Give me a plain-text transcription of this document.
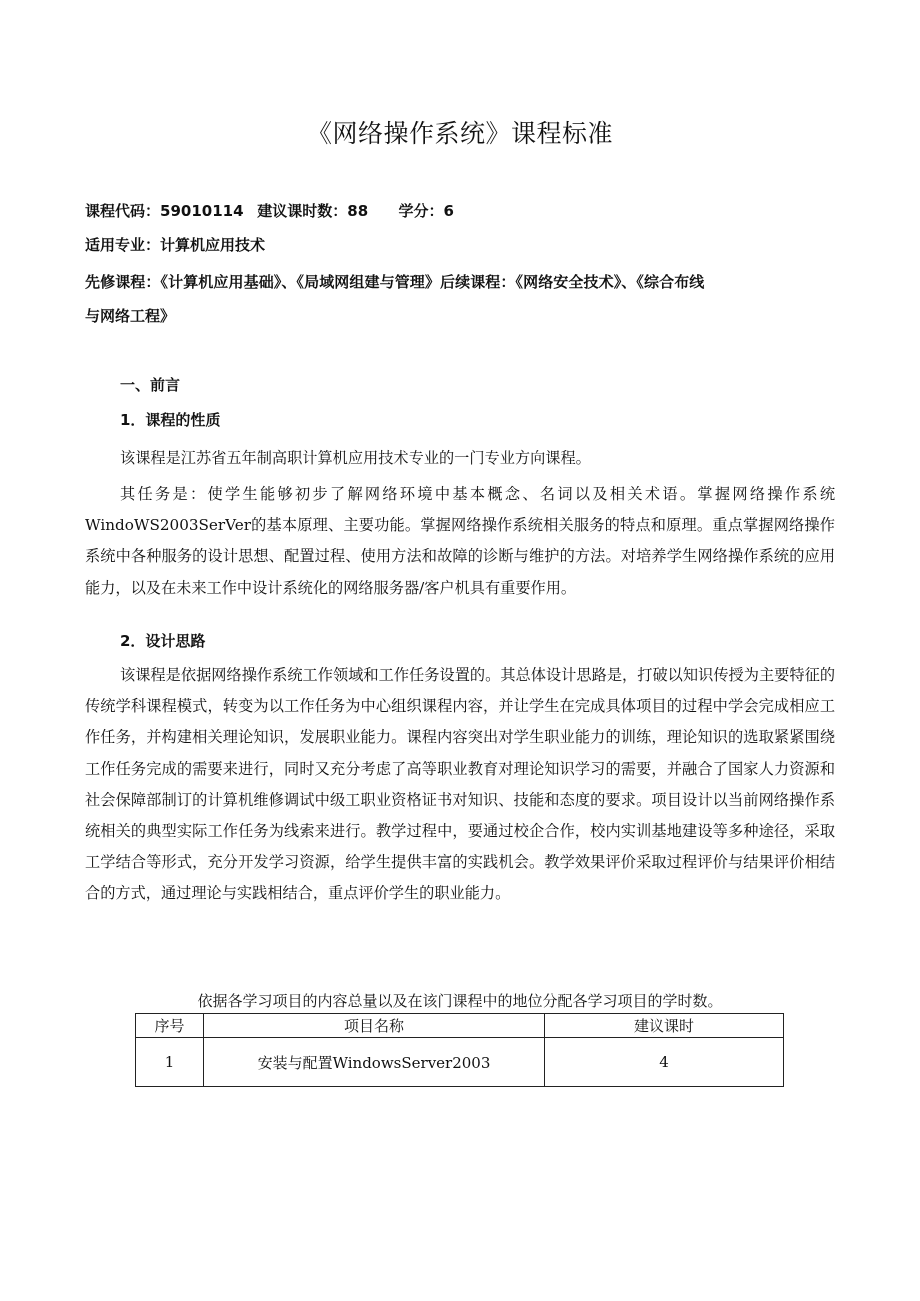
《网络操作系统》课程标准
课程代码：59010114 建议课时数：88 学分：6
适用专业：计算机应用技术
先修课程：《计算机应用基础》、《局域网组建与管理》后续课程：《网络安全技术》、《综合布线
与网络工程》
一、前言
1．课程的性质

该课程是江苏省五年制高职计算机应用技术专业的一门专业方向课程。

其任务是：使学生能够初步了解网络环境中基本概念、名词以及相关术语。掌握网络操作系统WindoWS2003SerVer的基本原理、主要功能。掌握网络操作系统相关服务的特点和原理。重点掌握网络操作系统中各种服务的设计思想、配置过程、使用方法和故障的诊断与维护的方法。对培养学生网络操作系统的应用能力，以及在未来工作中设计系统化的网络服务器/客户机具有重要作用。

2．设计思路

该课程是依据网络操作系统工作领域和工作任务设置的。其总体设计思路是，打破以知识传授为主要特征的传统学科课程模式，转变为以工作任务为中心组织课程内容，并让学生在完成具体项目的过程中学会完成相应工作任务，并构建相关理论知识，发展职业能力。课程内容突出对学生职业能力的训练，理论知识的选取紧紧围绕工作任务完成的需要来进行，同时又充分考虑了高等职业教育对理论知识学习的需要，并融合了国家人力资源和社会保障部制订的计算机维修调试中级工职业资格证书对知识、技能和态度的要求。项目设计以当前网络操作系统相关的典型实际工作任务为线索来进行。教学过程中，要通过校企合作，校内实训基地建设等多种途径，采取工学结合等形式，充分开发学习资源，给学生提供丰富的实践机会。教学效果评价采取过程评价与结果评价相结合的方式，通过理论与实践相结合，重点评价学生的职业能力。

依据各学习项目的内容总量以及在该门课程中的地位分配各学习项目的学时数。
序号	项目名称	建议课时
1	安装与配置WindowsServer2003	4
